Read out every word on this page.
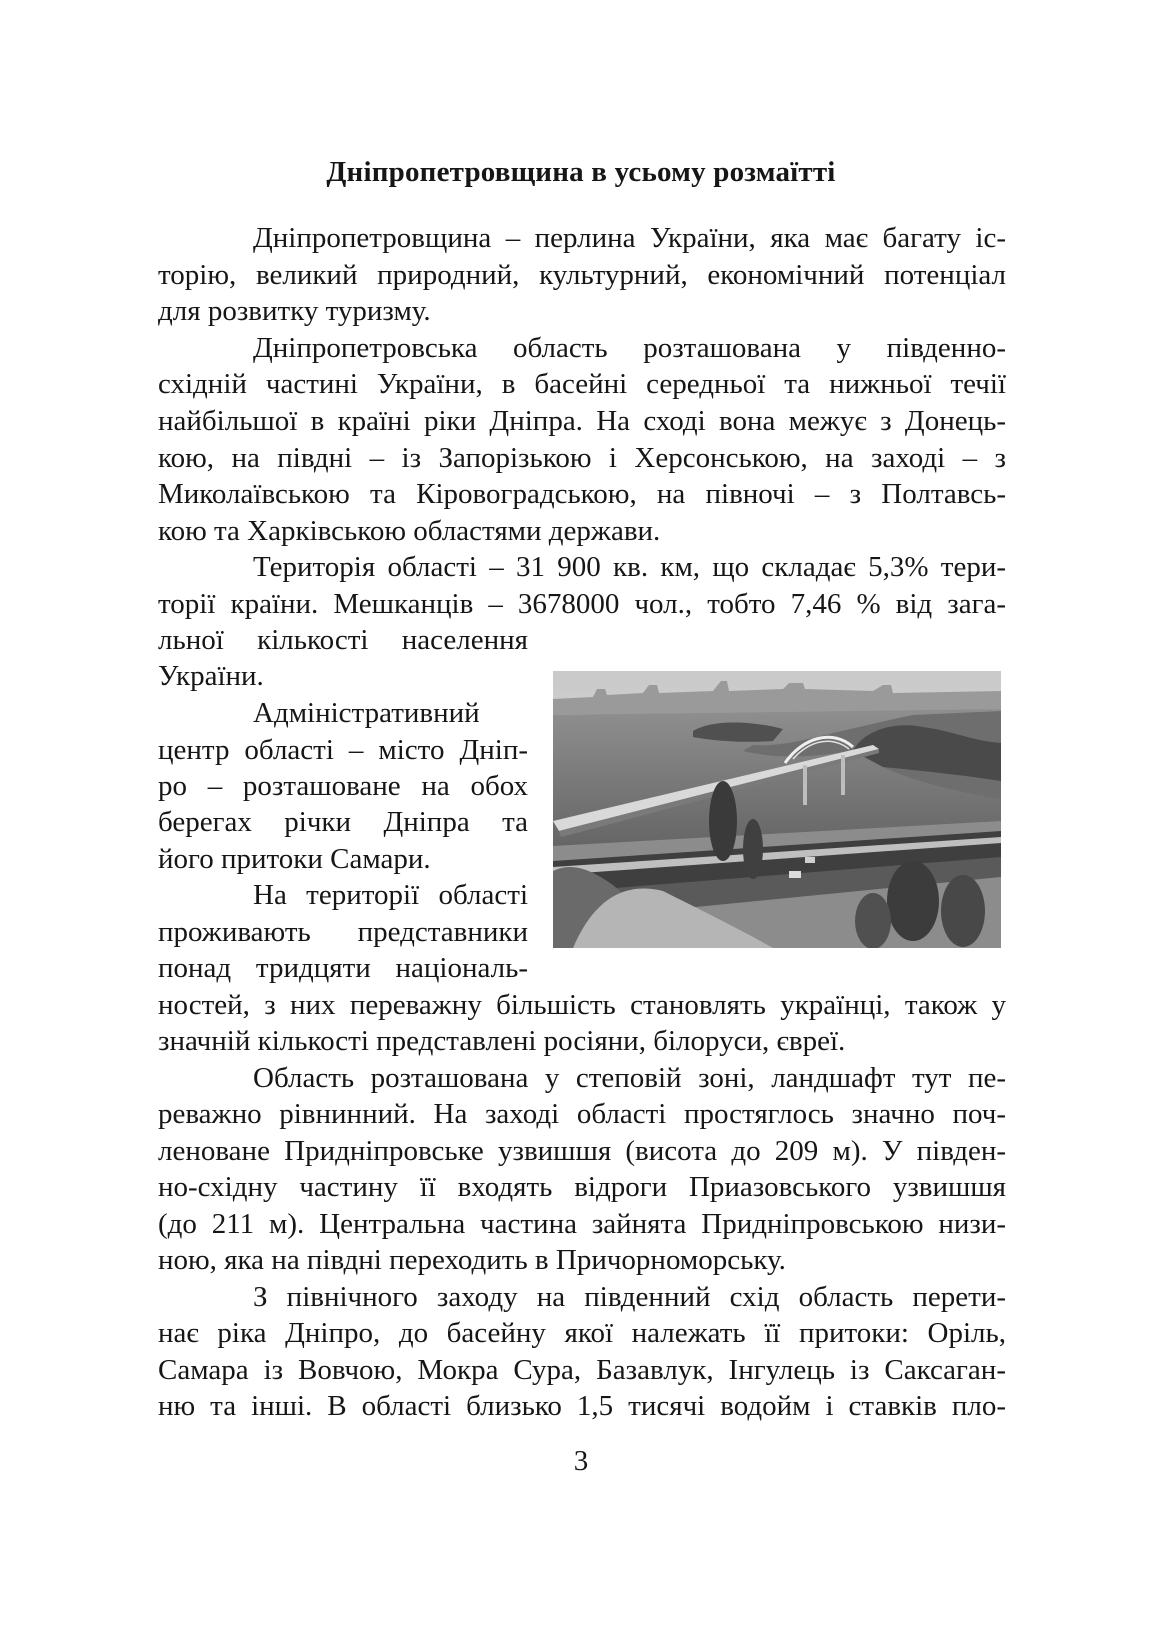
Дніпропетровщина в усьому розмаїтті
Дніпропетровщина – перлина України, яка має багату іс-
торію, великий природний, культурний, економічний потенціал
для розвитку туризму.
Дніпропетровська область розташована у південно-
східній частині України, в басейні середньої та нижньої течії
найбільшої в країні ріки Дніпра. На сході вона межує з Донець-
кою, на півдні – із Запорізькою і Херсонською, на заході – з
Миколаївською та Кіровоградською, на півночі – з Полтавсь-
кою та Харківською областями держави.
Територія області – 31 900 кв. км, що складає 5,3% тери-
торії країни. Мешканців – 3678000 чол., тобто 7,46 % від зага-
льної кількості населення
України.
Адміністративний
центр області – місто Дніп-
ро – розташоване на обох
берегах річки Дніпра та
його притоки Самари.
На території області
проживають представники
понад тридцяти національ-
ностей, з них переважну більшість становлять українці, також у
значній кількості представлені росіяни, білоруси, євреї.
Область розташована у степовій зоні, ландшафт тут пе-
реважно рівнинний. На заході області простяглось значно поч-
леноване Придніпровське узвишшя (висота до 209 м). У півден-
но-східну частину її входять відроги Приазовського узвишшя
(до 211 м). Центральна частина зайнята Придніпровською низи-
ною, яка на півдні переходить в Причорноморську.
З північного заходу на південний схід область перети-
нає ріка Дніпро, до басейну якої належать її притоки: Оріль,
Самара із Вовчою, Мокра Сура, Базавлук, Інгулець із Саксаган-
ню та інші. В області близько 1,5 тисячі водойм і ставків пло-
3
